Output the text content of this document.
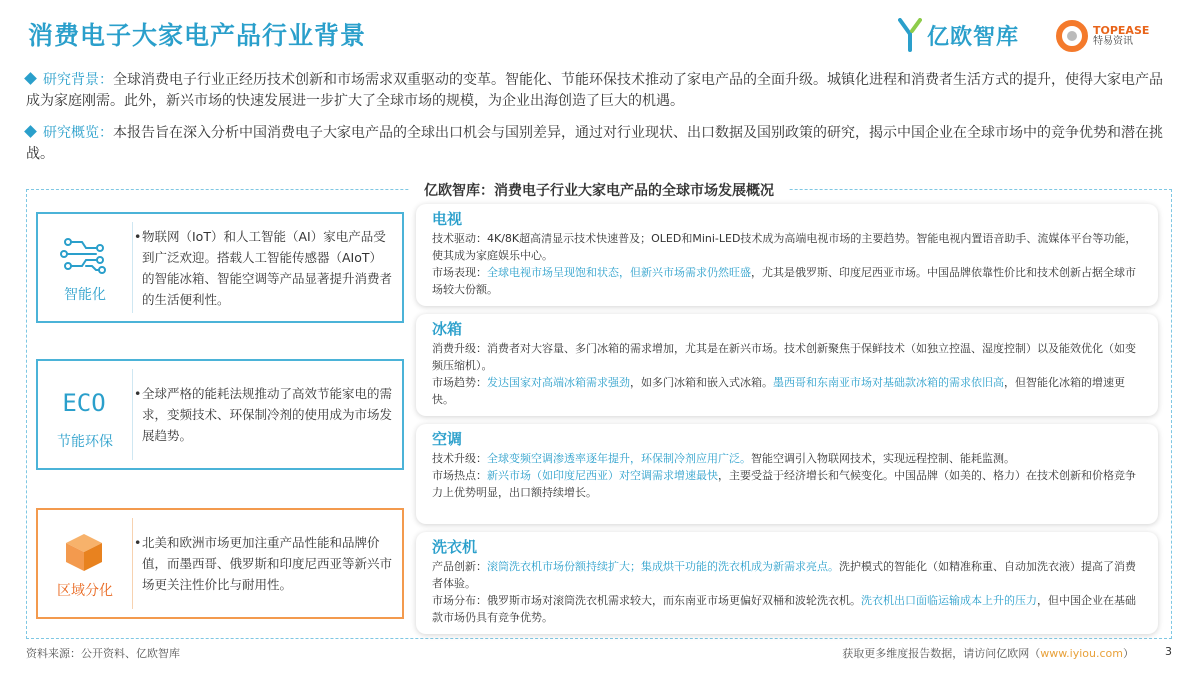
消费电子大家电产品行业背景	亿欧智库	TOPEASE
特易资讯
研究背景：全球消费电子行业正经历技术创新和市场需求双重驱动的变革。智能化、节能环保技术推动了家电产品的全面升级。城镇化进程和消费者生活方式的提升，使得大家电产品成为家庭刚需。此外，新兴市场的快速发展进一步扩大了全球市场的规模，为企业出海创造了巨大的机遇。
研究概览：本报告旨在深入分析中国消费电子大家电产品的全球出口机会与国别差异，通过对行业现状、出口数据及国别政策的研究，揭示中国企业在全球市场中的竞争优势和潜在挑战。
亿欧智库：消费电子行业大家电产品的全球市场发展概况
智能化
• 物联网（IoT）和人工智能（AI）家电产品受到广泛欢迎。搭载人工智能传感器（AIoT）的智能冰箱、智能空调等产品显著提升消费者的生活便利性。
ECO
节能环保
• 全球严格的能耗法规推动了高效节能家电的需求，变频技术、环保制冷剂的使用成为市场发展趋势。
区域分化
• 北美和欧洲市场更加注重产品性能和品牌价值，而墨西哥、俄罗斯和印度尼西亚等新兴市场更关注性价比与耐用性。
电视
技术驱动：4K/8K超高清显示技术快速普及；OLED和Mini-LED技术成为高端电视市场的主要趋势。智能电视内置语音助手、流媒体平台等功能，使其成为家庭娱乐中心。
市场表现：全球电视市场呈现饱和状态，但新兴市场需求仍然旺盛，尤其是俄罗斯、印度尼西亚市场。中国品牌依靠性价比和技术创新占据全球市场较大份额。
冰箱
消费升级：消费者对大容量、多门冰箱的需求增加，尤其是在新兴市场。技术创新聚焦于保鲜技术（如独立控温、湿度控制）以及能效优化（如变频压缩机）。
市场趋势：发达国家对高端冰箱需求强劲，如多门冰箱和嵌入式冰箱。墨西哥和东南亚市场对基础款冰箱的需求依旧高，但智能化冰箱的增速更快。
空调
技术升级：全球变频空调渗透率逐年提升，环保制冷剂应用广泛。智能空调引入物联网技术，实现远程控制、能耗监测。
市场热点：新兴市场（如印度尼西亚）对空调需求增速最快，主要受益于经济增长和气候变化。中国品牌（如美的、格力）在技术创新和价格竞争力上优势明显，出口额持续增长。
洗衣机
产品创新：滚筒洗衣机市场份额持续扩大；集成烘干功能的洗衣机成为新需求亮点。洗护模式的智能化（如精准称重、自动加洗衣液）提高了消费者体验。
市场分布：俄罗斯市场对滚筒洗衣机需求较大，而东南亚市场更偏好双桶和波轮洗衣机。洗衣机出口面临运输成本上升的压力，但中国企业在基础款市场仍具有竞争优势。
资料来源：公开资料、亿欧智库	获取更多维度报告数据，请访问亿欧网（www.iyiou.com）	3
